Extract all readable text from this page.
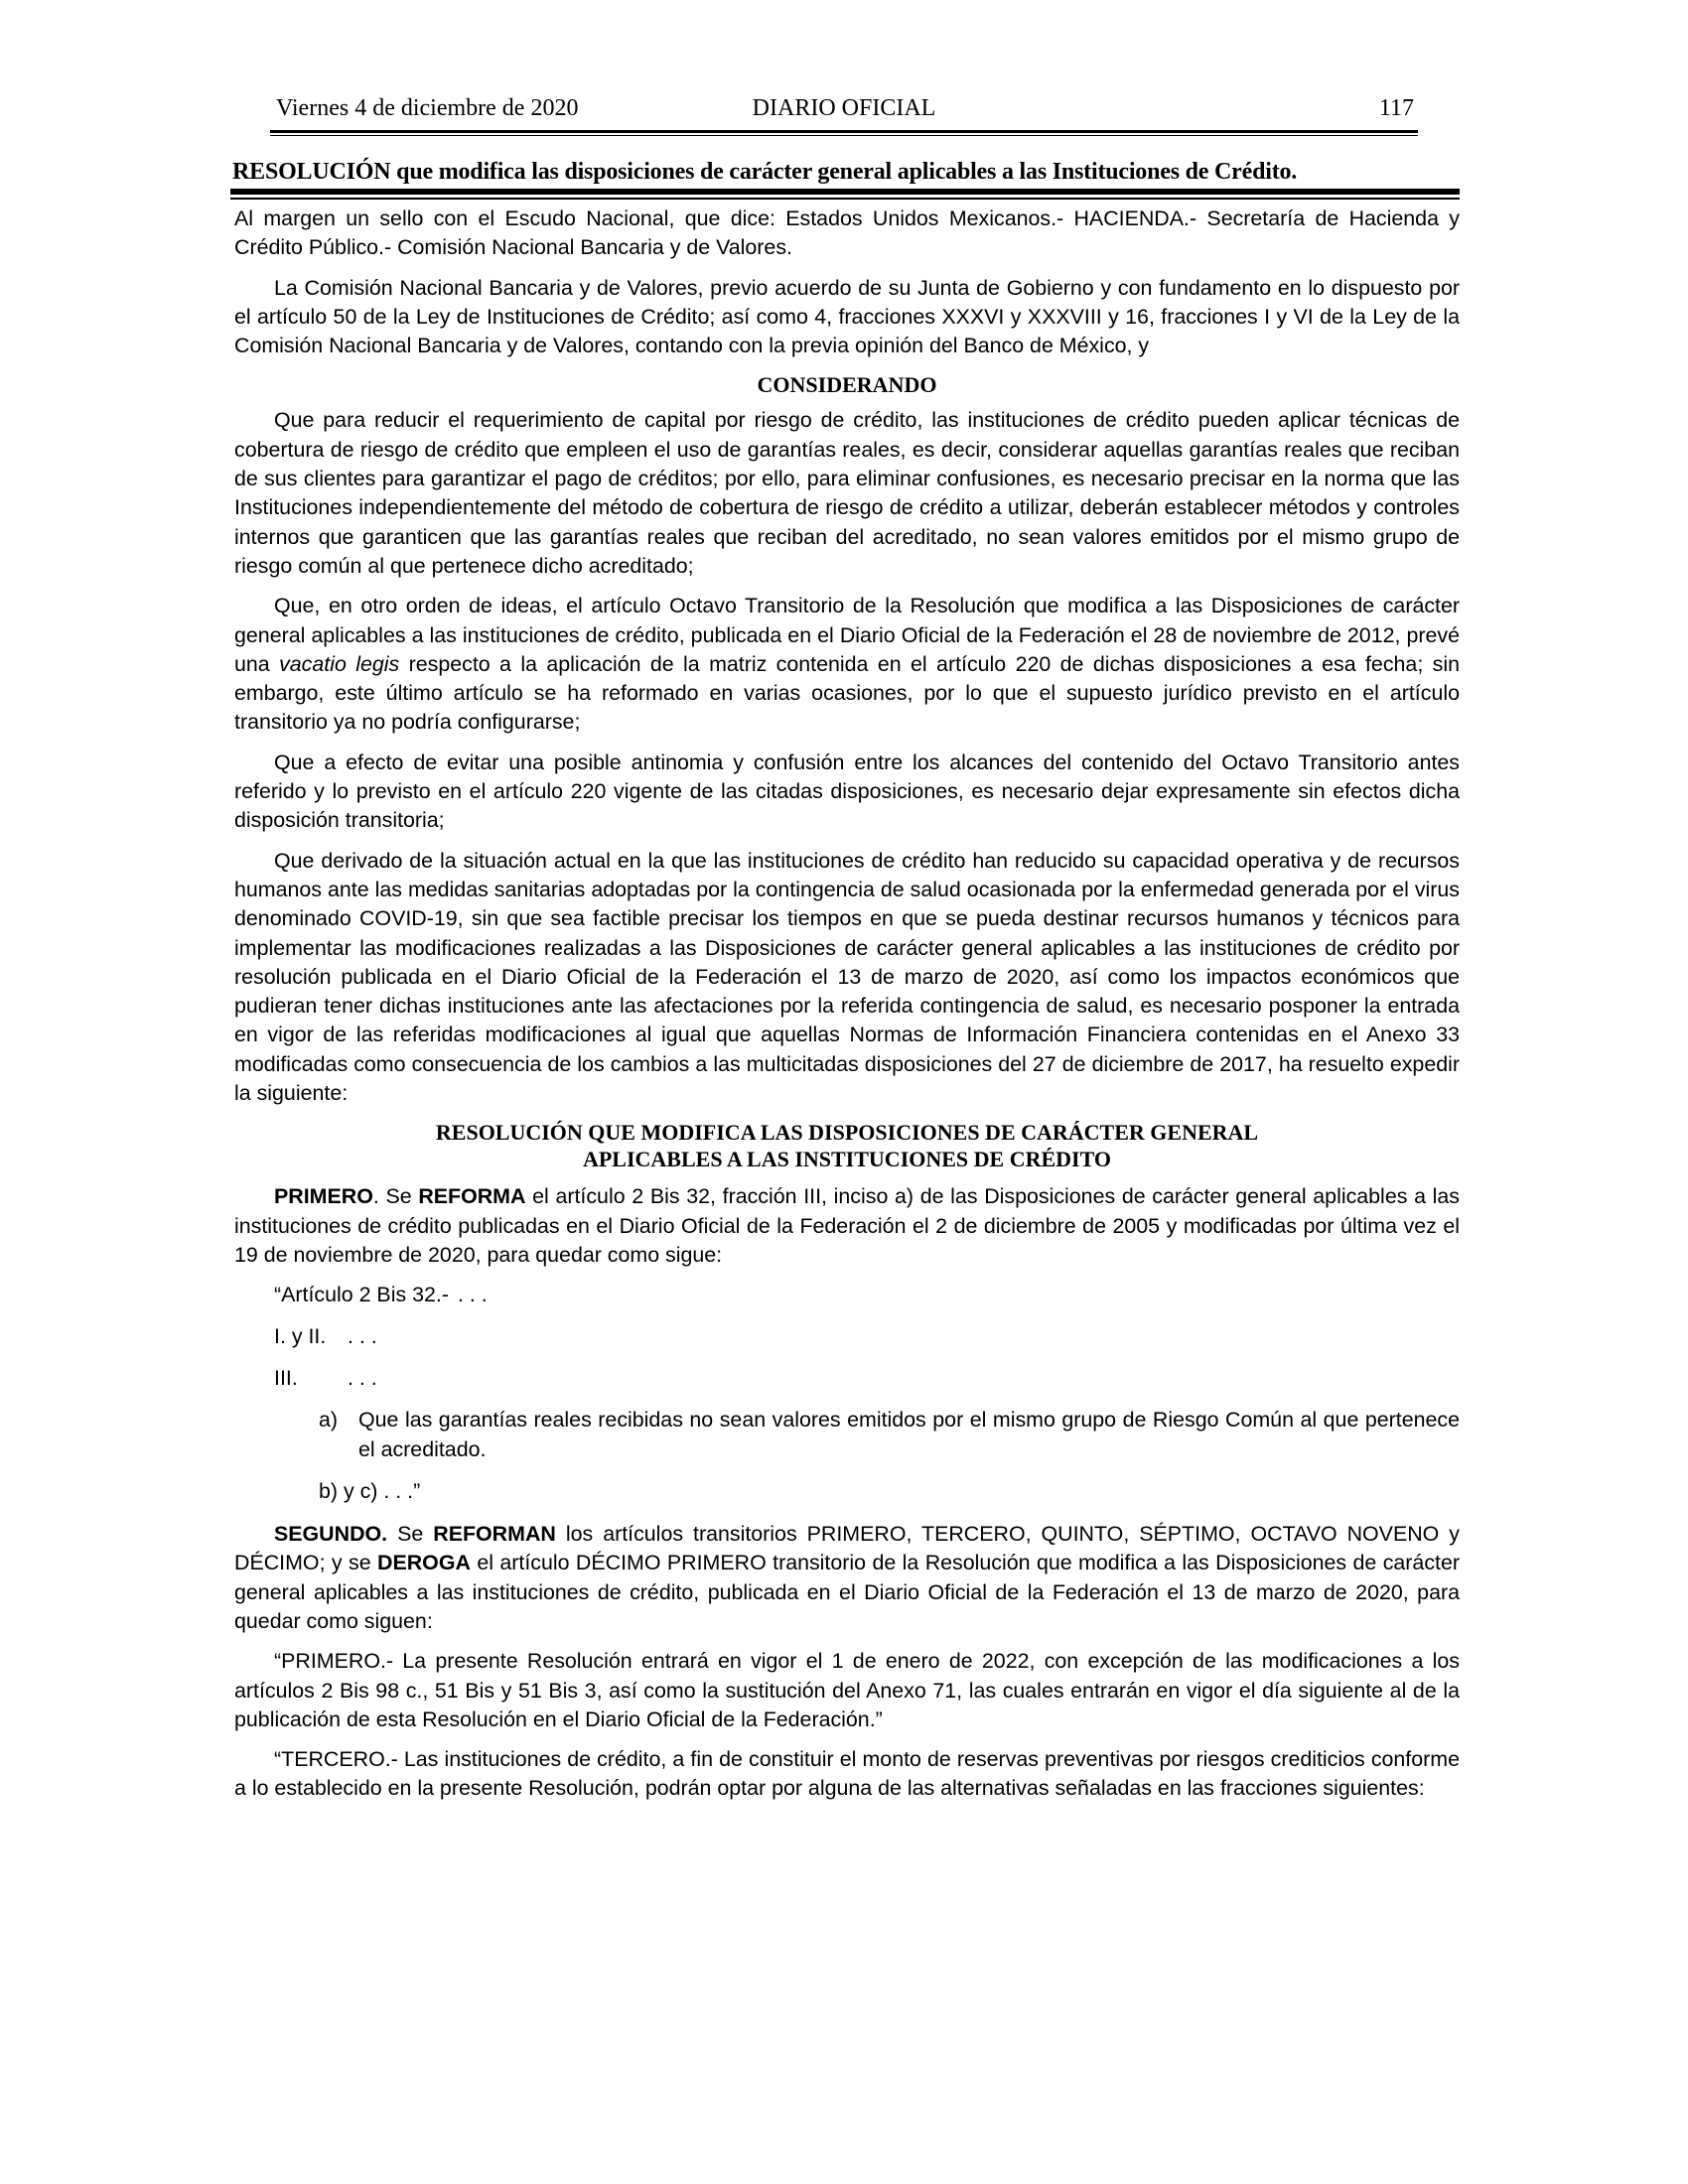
Viernes 4 de diciembre de 2020	DIARIO OFICIAL	117
RESOLUCIÓN que modifica las disposiciones de carácter general aplicables a las Instituciones de Crédito.

Al margen un sello con el Escudo Nacional, que dice: Estados Unidos Mexicanos.- HACIENDA.- Secretaría de Hacienda y Crédito Público.- Comisión Nacional Bancaria y de Valores.

La Comisión Nacional Bancaria y de Valores, previo acuerdo de su Junta de Gobierno y con fundamento en lo dispuesto por el artículo 50 de la Ley de Instituciones de Crédito; así como 4, fracciones XXXVI y XXXVIII y 16, fracciones I y VI de la Ley de la Comisión Nacional Bancaria y de Valores, contando con la previa opinión del Banco de México, y

CONSIDERANDO

Que para reducir el requerimiento de capital por riesgo de crédito, las instituciones de crédito pueden aplicar técnicas de cobertura de riesgo de crédito que empleen el uso de garantías reales, es decir, considerar aquellas garantías reales que reciban de sus clientes para garantizar el pago de créditos; por ello, para eliminar confusiones, es necesario precisar en la norma que las Instituciones independientemente del método de cobertura de riesgo de crédito a utilizar, deberán establecer métodos y controles internos que garanticen que las garantías reales que reciban del acreditado, no sean valores emitidos por el mismo grupo de riesgo común al que pertenece dicho acreditado;

Que, en otro orden de ideas, el artículo Octavo Transitorio de la Resolución que modifica a las Disposiciones de carácter general aplicables a las instituciones de crédito, publicada en el Diario Oficial de la Federación el 28 de noviembre de 2012, prevé una vacatio legis respecto a la aplicación de la matriz contenida en el artículo 220 de dichas disposiciones a esa fecha; sin embargo, este último artículo se ha reformado en varias ocasiones, por lo que el supuesto jurídico previsto en el artículo transitorio ya no podría configurarse;

Que a efecto de evitar una posible antinomia y confusión entre los alcances del contenido del Octavo Transitorio antes referido y lo previsto en el artículo 220 vigente de las citadas disposiciones, es necesario dejar expresamente sin efectos dicha disposición transitoria;

Que derivado de la situación actual en la que las instituciones de crédito han reducido su capacidad operativa y de recursos humanos ante las medidas sanitarias adoptadas por la contingencia de salud ocasionada por la enfermedad generada por el virus denominado COVID-19, sin que sea factible precisar los tiempos en que se pueda destinar recursos humanos y técnicos para implementar las modificaciones realizadas a las Disposiciones de carácter general aplicables a las instituciones de crédito por resolución publicada en el Diario Oficial de la Federación el 13 de marzo de 2020, así como los impactos económicos que pudieran tener dichas instituciones ante las afectaciones por la referida contingencia de salud, es necesario posponer la entrada en vigor de las referidas modificaciones al igual que aquellas Normas de Información Financiera contenidas en el Anexo 33 modificadas como consecuencia de los cambios a las multicitadas disposiciones del 27 de diciembre de 2017, ha resuelto expedir la siguiente:

RESOLUCIÓN QUE MODIFICA LAS DISPOSICIONES DE CARÁCTER GENERAL
APLICABLES A LAS INSTITUCIONES DE CRÉDITO

PRIMERO. Se REFORMA el artículo 2 Bis 32, fracción III, inciso a) de las Disposiciones de carácter general aplicables a las instituciones de crédito publicadas en el Diario Oficial de la Federación el 2 de diciembre de 2005 y modificadas por última vez el 19 de noviembre de 2020, para quedar como sigue:

“Artículo 2 Bis 32.- . . .
I. y II. . . .
III. . . .
a) Que las garantías reales recibidas no sean valores emitidos por el mismo grupo de Riesgo Común al que pertenece el acreditado.
b) y c) . . .”

SEGUNDO. Se REFORMAN los artículos transitorios PRIMERO, TERCERO, QUINTO, SÉPTIMO, OCTAVO NOVENO y DÉCIMO; y se DEROGA el artículo DÉCIMO PRIMERO transitorio de la Resolución que modifica a las Disposiciones de carácter general aplicables a las instituciones de crédito, publicada en el Diario Oficial de la Federación el 13 de marzo de 2020, para quedar como siguen:

“PRIMERO.- La presente Resolución entrará en vigor el 1 de enero de 2022, con excepción de las modificaciones a los artículos 2 Bis 98 c., 51 Bis y 51 Bis 3, así como la sustitución del Anexo 71, las cuales entrarán en vigor el día siguiente al de la publicación de esta Resolución en el Diario Oficial de la Federación.”

“TERCERO.- Las instituciones de crédito, a fin de constituir el monto de reservas preventivas por riesgos crediticios conforme a lo establecido en la presente Resolución, podrán optar por alguna de las alternativas señaladas en las fracciones siguientes:
